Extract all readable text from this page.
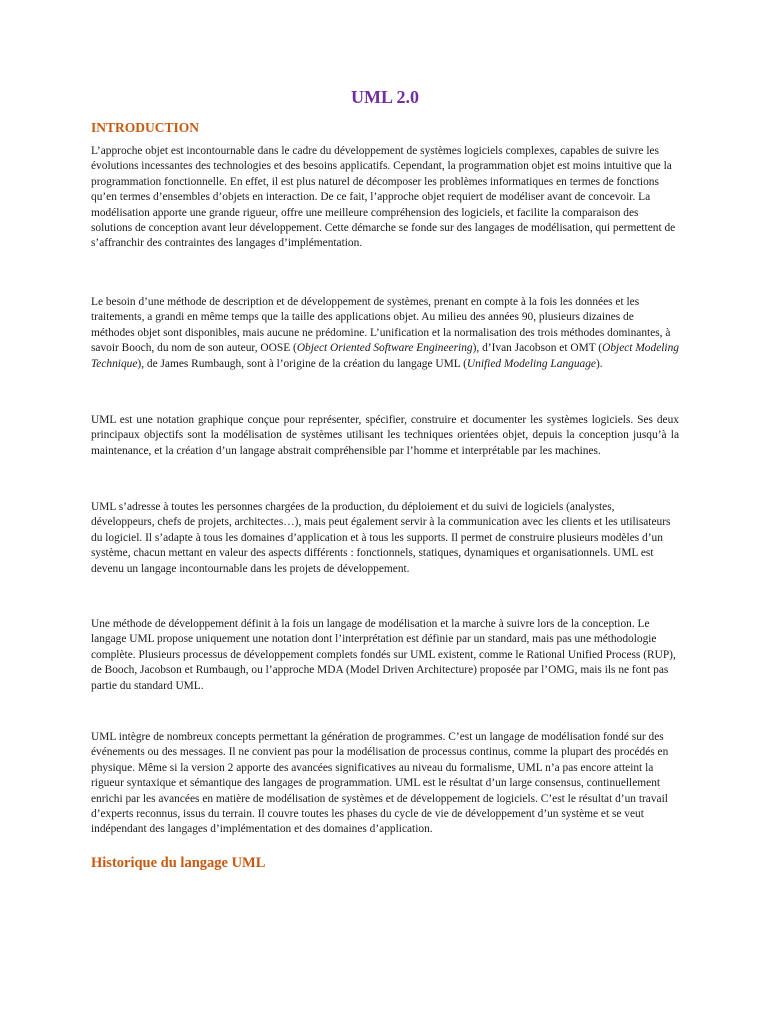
UML 2.0
INTRODUCTION

L’approche objet est incontournable dans le cadre du développement de systèmes logiciels complexes, capables de suivre les évolutions incessantes des technologies et des besoins applicatifs. Cependant, la programmation objet est moins intuitive que la programmation fonctionnelle. En effet, il est plus naturel de décomposer les problèmes informatiques en termes de fonctions qu’en termes d’ensembles d’objets en interaction. De ce fait, l’approche objet requiert de modéliser avant de concevoir. La modélisation apporte une grande rigueur, offre une meilleure compréhension des logiciels, et facilite la comparaison des solutions de conception avant leur développement. Cette démarche se fonde sur des langages de modélisation, qui permettent de s’affranchir des contraintes des langages d’implémentation.

Le besoin d’une méthode de description et de développement de systèmes, prenant en compte à la fois les données et les traitements, a grandi en même temps que la taille des applications objet. Au milieu des années 90, plusieurs dizaines de méthodes objet sont disponibles, mais aucune ne prédomine. L’unification et la normalisation des trois méthodes dominantes, à savoir Booch, du nom de son auteur, OOSE (Object Oriented Software Engineering), d’Ivan Jacobson et OMT (Object Modeling Technique), de James Rumbaugh, sont à l’origine de la création du langage UML (Unified Modeling Language).

UML est une notation graphique conçue pour représenter, spécifier, construire et documenter les systèmes logiciels. Ses deux principaux objectifs sont la modélisation de systèmes utilisant les techniques orientées objet, depuis la conception jusqu’à la maintenance, et la création d’un langage abstrait compréhensible par l’homme et interprétable par les machines.

UML s’adresse à toutes les personnes chargées de la production, du déploiement et du suivi de logiciels (analystes, développeurs, chefs de projets, architectes…), mais peut également servir à la communication avec les clients et les utilisateurs du logiciel. Il s’adapte à tous les domaines d’application et à tous les supports. Il permet de construire plusieurs modèles d’un système, chacun mettant en valeur des aspects différents : fonctionnels, statiques, dynamiques et organisationnels. UML est devenu un langage incontournable dans les projets de développement.

Une méthode de développement définit à la fois un langage de modélisation et la marche à suivre lors de la conception. Le langage UML propose uniquement une notation dont l’interprétation est définie par un standard, mais pas une méthodologie complète. Plusieurs processus de développement complets fondés sur UML existent, comme le Rational Unified Process (RUP), de Booch, Jacobson et Rumbaugh, ou l’approche MDA (Model Driven Architecture) proposée par l’OMG, mais ils ne font pas partie du standard UML.

UML intègre de nombreux concepts permettant la génération de programmes. C’est un langage de modélisation fondé sur des événements ou des messages. Il ne convient pas pour la modélisation de processus continus, comme la plupart des procédés en physique. Même si la version 2 apporte des avancées significatives au niveau du formalisme, UML n’a pas encore atteint la rigueur syntaxique et sémantique des langages de programmation. UML est le résultat d’un large consensus, continuellement enrichi par les avancées en matière de modélisation de systèmes et de développement de logiciels. C’est le résultat d’un travail d’experts reconnus, issus du terrain. Il couvre toutes les phases du cycle de vie de développement d’un système et se veut indépendant des langages d’implémentation et des domaines d’application.

Historique du langage UML
